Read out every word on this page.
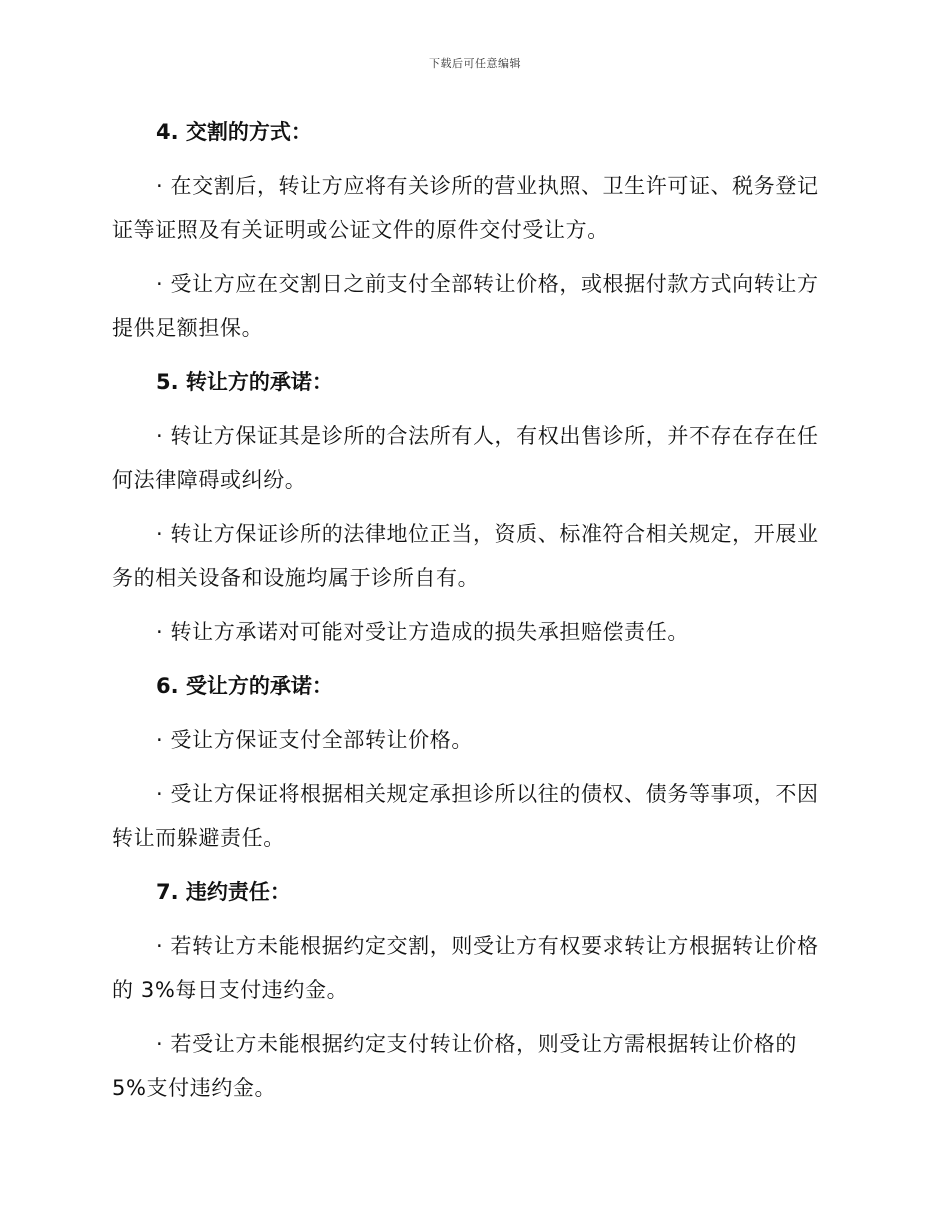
下载后可任意编辑
4. 交割的方式：

· 在交割后，转让方应将有关诊所的营业执照、卫生许可证、税务登记证等证照及有关证明或公证文件的原件交付受让方。

· 受让方应在交割日之前支付全部转让价格，或根据付款方式向转让方提供足额担保。

5. 转让方的承诺：

· 转让方保证其是诊所的合法所有人，有权出售诊所，并不存在存在任何法律障碍或纠纷。

· 转让方保证诊所的法律地位正当，资质、标准符合相关规定，开展业务的相关设备和设施均属于诊所自有。

· 转让方承诺对可能对受让方造成的损失承担赔偿责任。

6. 受让方的承诺：

· 受让方保证支付全部转让价格。

· 受让方保证将根据相关规定承担诊所以往的债权、债务等事项，不因转让而躲避责任。

7. 违约责任：

· 若转让方未能根据约定交割，则受让方有权要求转让方根据转让价格的 3%每日支付违约金。

· 若受让方未能根据约定支付转让价格，则受让方需根据转让价格的 5%支付违约金。
